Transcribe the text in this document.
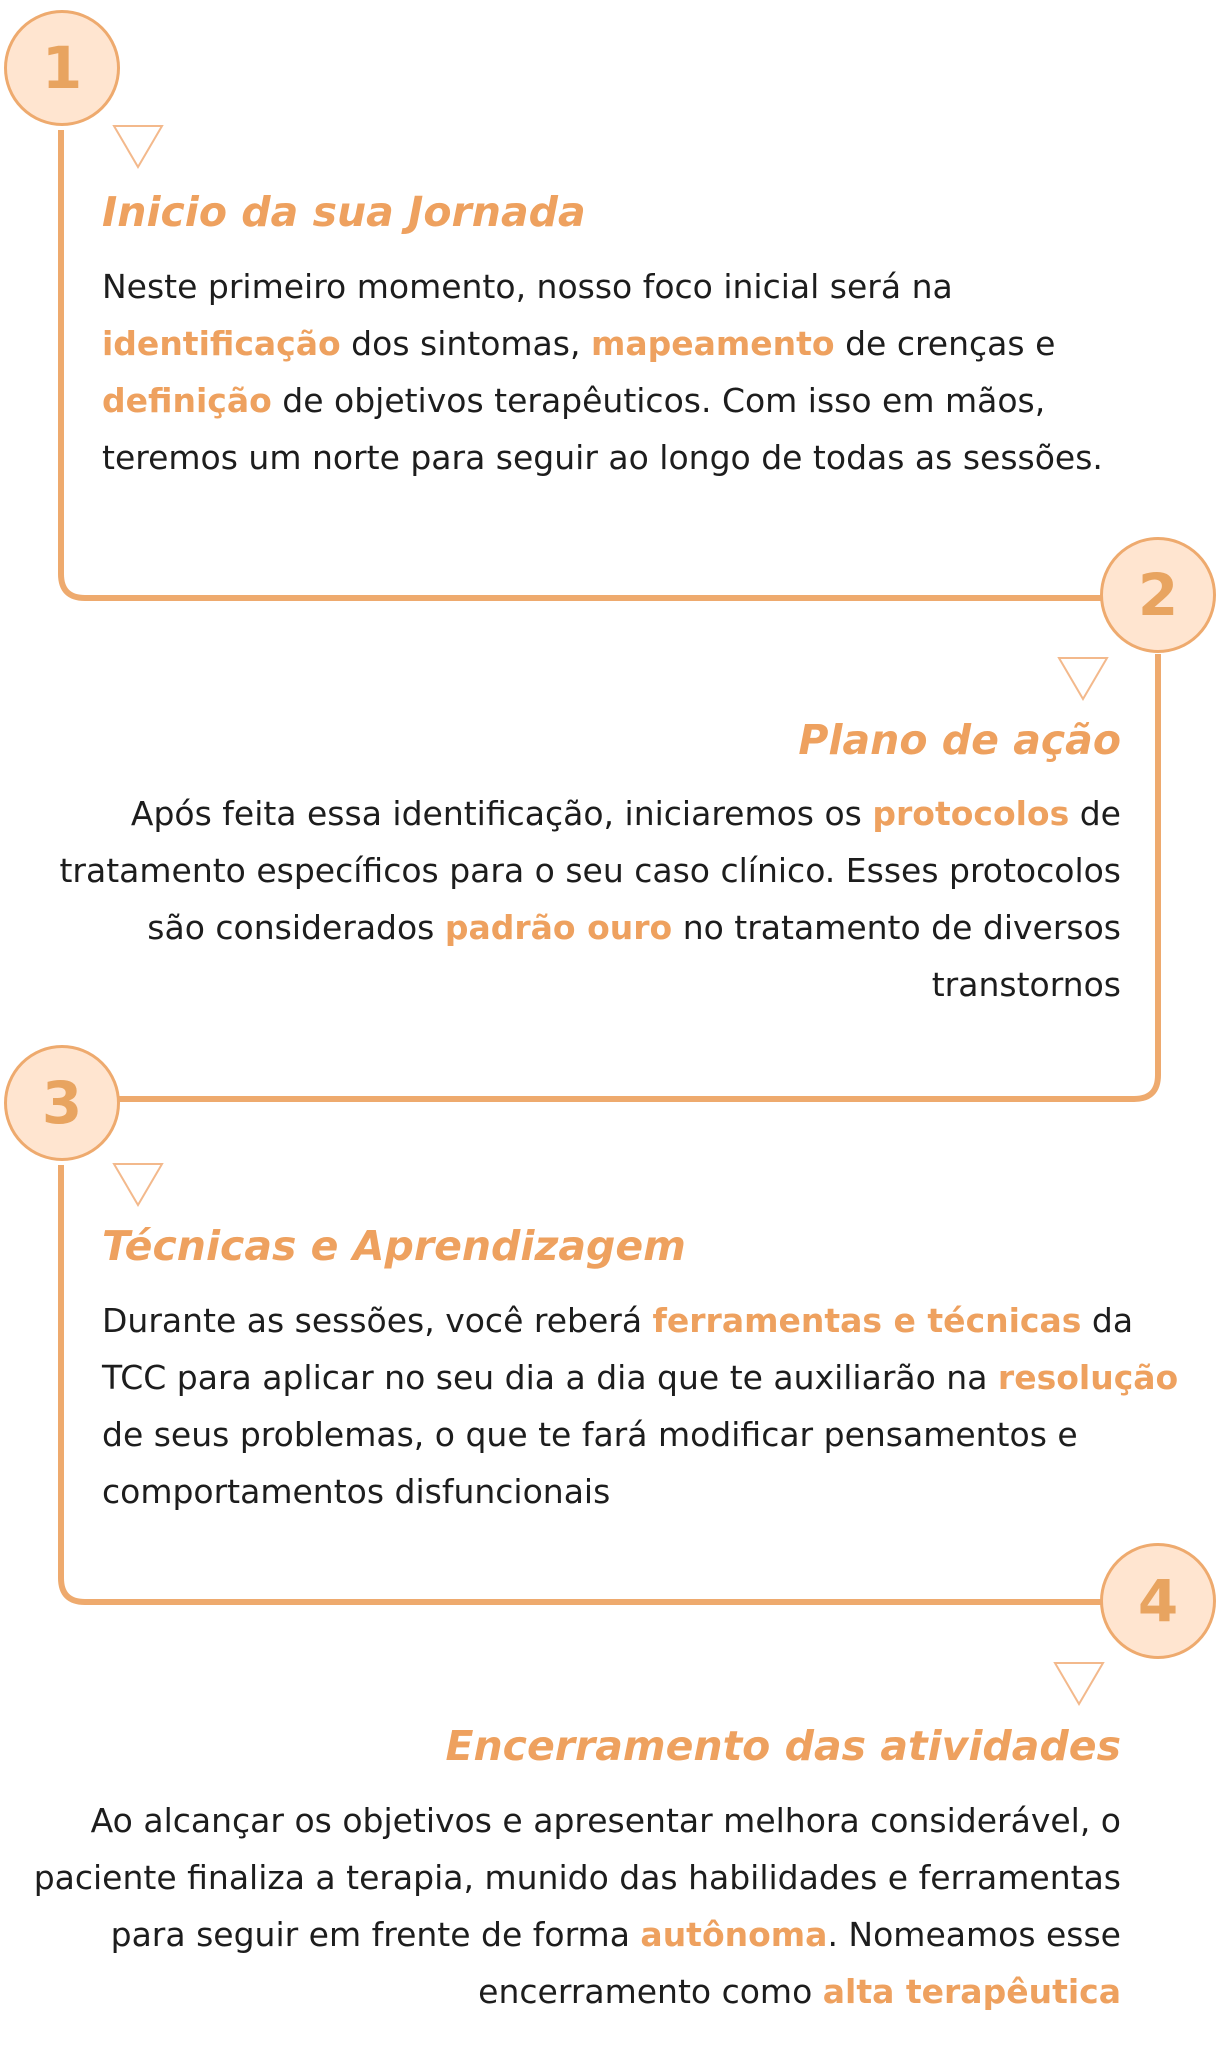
1
Inicio da sua Jornada

Neste primeiro momento, nosso foco inicial será na identificação dos sintomas, mapeamento de crenças e definição de objetivos terapêuticos. Com isso em mãos, teremos um norte para seguir ao longo de todas as sessões.

2
Plano de ação

Após feita essa identificação, iniciaremos os protocolos de tratamento específicos para o seu caso clínico. Esses protocolos são considerados padrão ouro no tratamento de diversos transtornos

3
Técnicas e Aprendizagem

Durante as sessões, você reberá ferramentas e técnicas da TCC para aplicar no seu dia a dia que te auxiliarão na resolução de seus problemas, o que te fará modificar pensamentos e comportamentos disfuncionais

4
Encerramento das atividades

Ao alcançar os objetivos e apresentar melhora considerável, o paciente finaliza a terapia, munido das habilidades e ferramentas para seguir em frente de forma autônoma. Nomeamos esse encerramento como alta terapêutica
